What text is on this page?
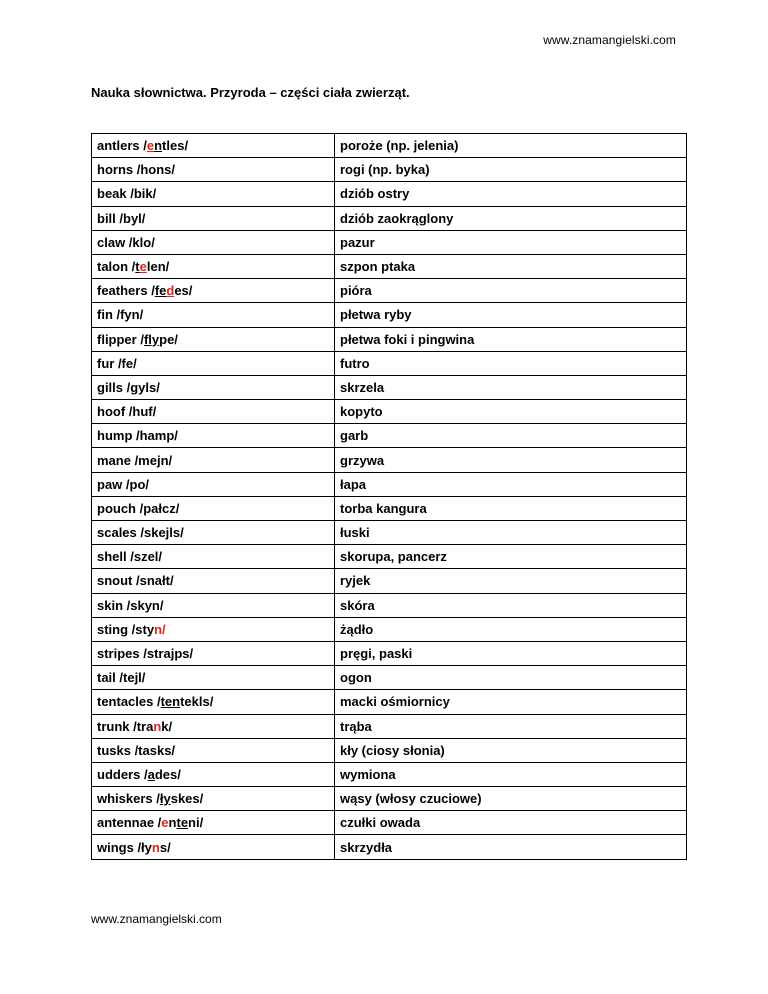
www.znamangielski.com
Nauka słownictwa. Przyroda – części ciała zwierząt.
antlers /entles/	poroże (np. jelenia)
horns /hons/	rogi (np. byka)
beak /bik/	dziób ostry
bill /byl/	dziób zaokrąglony
claw /klo/	pazur
talon /telen/	szpon ptaka
feathers /fedes/	pióra
fin /fyn/	płetwa ryby
flipper /flype/	płetwa foki i pingwina
fur /fe/	futro
gills /gyls/	skrzela
hoof /huf/	kopyto
hump /hamp/	garb
mane /mejn/	grzywa
paw /po/	łapa
pouch /pałcz/	torba kangura
scales /skejls/	łuski
shell /szel/	skorupa, pancerz
snout /snałt/	ryjek
skin /skyn/	skóra
sting /styn/	żądło
stripes /strajps/	pręgi, paski
tail /tejl/	ogon
tentacles /tentekls/	macki ośmiornicy
trunk /trank/	trąba
tusks /tasks/	kły (ciosy słonia)
udders /ades/	wymiona
whiskers /łyskes/	wąsy (włosy czuciowe)
antennae /enteni/	czułki owada
wings /łyns/	skrzydła
www.znamangielski.com
